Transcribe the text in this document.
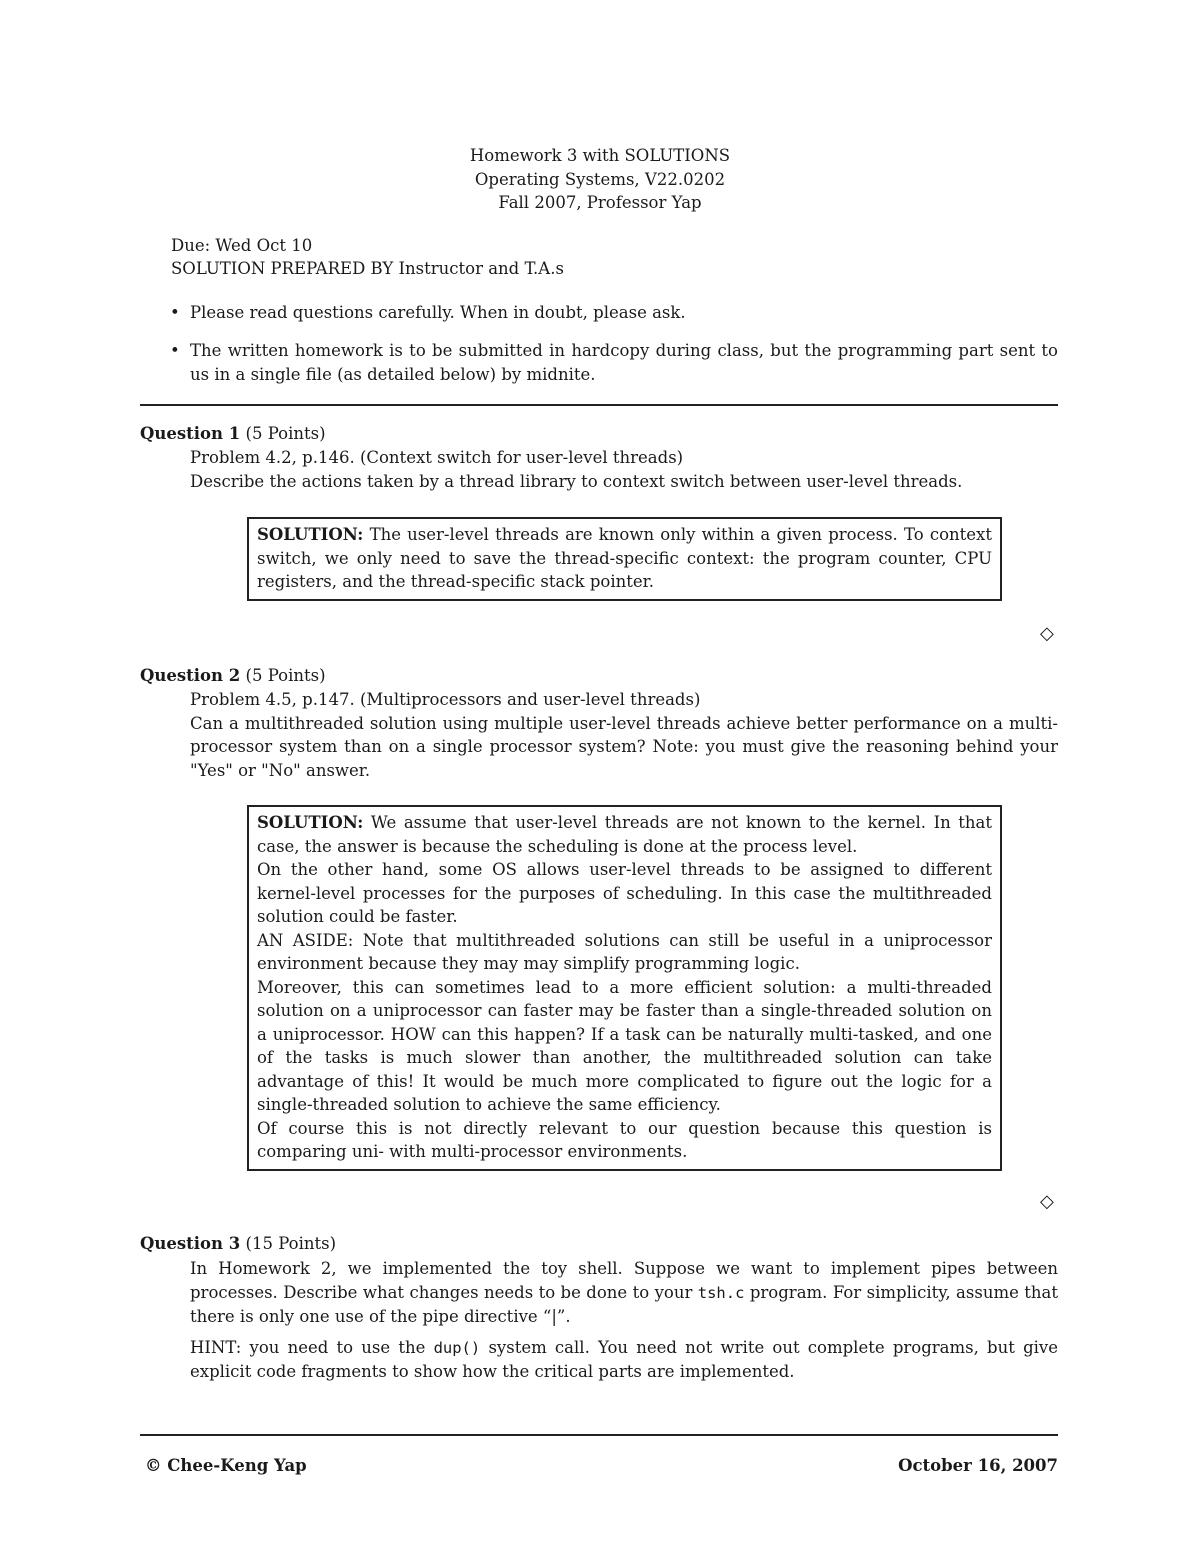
Homework 3 with SOLUTIONS
Operating Systems, V22.0202
Fall 2007, Professor Yap
Due: Wed Oct 10
SOLUTION PREPARED BY Instructor and T.A.s
• Please read questions carefully. When in doubt, please ask.
• The written homework is to be submitted in hardcopy during class, but the programming part sent to us in a single file (as detailed below) by midnite.
Question 1 (5 Points)

Problem 4.2, p.146. (Context switch for user-level threads)

Describe the actions taken by a thread library to context switch between user-level threads.

SOLUTION: The user-level threads are known only within a given process. To context switch, we only need to save the thread-specific context: the program counter, CPU registers, and the thread-specific stack pointer.

◇
Question 2 (5 Points)

Problem 4.5, p.147. (Multiprocessors and user-level threads)

Can a multithreaded solution using multiple user-level threads achieve better performance on a multi-processor system than on a single processor system? Note: you must give the reasoning behind your "Yes" or "No" answer.

SOLUTION: We assume that user-level threads are not known to the kernel. In that case, the answer is because the scheduling is done at the process level.

On the other hand, some OS allows user-level threads to be assigned to different kernel-level processes for the purposes of scheduling. In this case the multithreaded solution could be faster.

AN ASIDE: Note that multithreaded solutions can still be useful in a uniprocessor environment because they may may simplify programming logic.

Moreover, this can sometimes lead to a more efficient solution: a multi-threaded solution on a uniprocessor can faster may be faster than a single-threaded solution on a uniprocessor. HOW can this happen? If a task can be naturally multi-tasked, and one of the tasks is much slower than another, the multithreaded solution can take advantage of this! It would be much more complicated to figure out the logic for a single-threaded solution to achieve the same efficiency.

Of course this is not directly relevant to our question because this question is comparing uni- with multi-processor environments.

◇
Question 3 (15 Points)

In Homework 2, we implemented the toy shell. Suppose we want to implement pipes between processes. Describe what changes needs to be done to your tsh.c program. For simplicity, assume that there is only one use of the pipe directive “|”.

HINT: you need to use the dup() system call. You need not write out complete programs, but give explicit code fragments to show how the critical parts are implemented.

© Chee-Keng Yap	October 16, 2007
